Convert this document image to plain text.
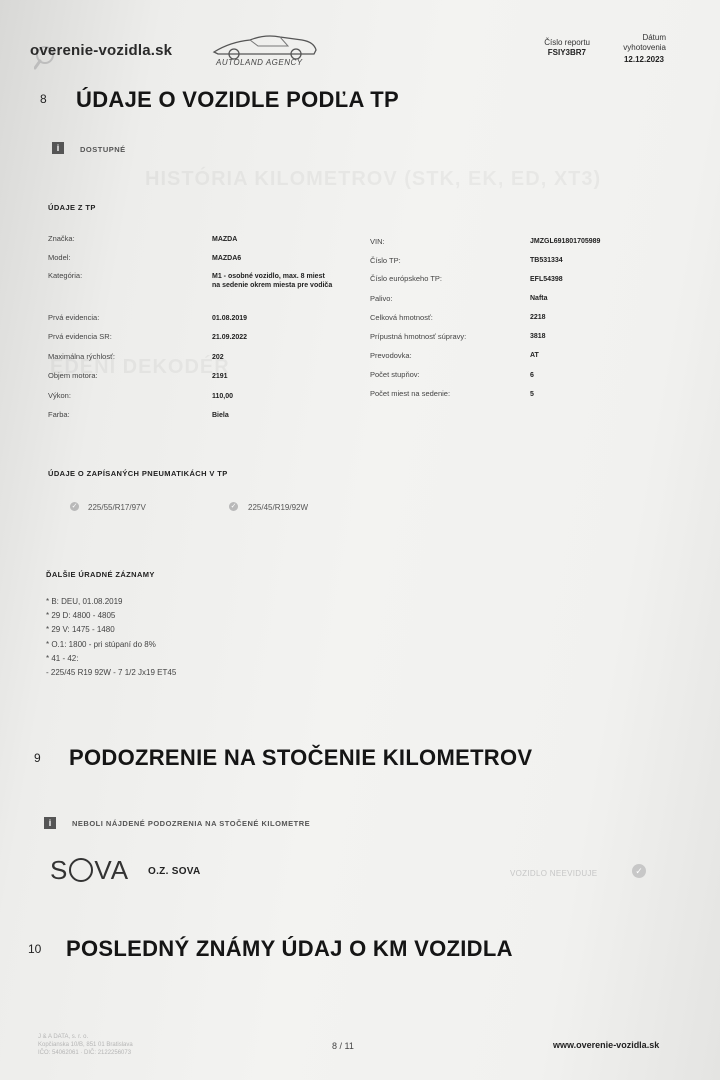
overenie-vozidla.sk
AUTOLAND AGENCY
Číslo reportu
FSIY3BR7
Dátum
vyhotovenia
12.12.2023
8 ÚDAJE O VOZIDLE PODĽA TP
i	DOSTUPNÉ
ÚDAJE Z TP
Značka:	MAZDA
Model:	MAZDA6
Kategória:	M1 - osobné vozidlo, max. 8 miest na sedenie okrem miesta pre vodiča
Prvá evidencia:	01.08.2019
Prvá evidencia SR:	21.09.2022
Maximálna rýchlosť:	202
Objem motora:	2191
Výkon:	110,00
Farba:	Biela
VIN:	JMZGL691801705989
Číslo TP:	TB531334
Číslo európskeho TP:	EFL54398
Palivo:	Nafta
Celková hmotnosť:	2218
Prípustná hmotnosť súpravy:	3818
Prevodovka:	AT
Počet stupňov:	6
Počet miest na sedenie:	5
ÚDAJE O ZAPÍSANÝCH PNEUMATIKÁCH V TP
✓ 225/55/R17/97V	✓ 225/45/R19/92W
ĎALŠIE ÚRADNÉ ZÁZNAMY
* B: DEU, 01.08.2019
* 29 D: 4800 - 4805
* 29 V: 1475 - 1480
* O.1: 1800 - pri stúpaní do 8%
* 41 - 42:
- 225/45 R19 92W - 7 1/2 Jx19 ET45
9 PODOZRENIE NA STOČENIE KILOMETROV
i	NEBOLI NÁJDENÉ PODOZRENIA NA STOČENÉ KILOMETRE
S VA O.Z. SOVA	VOZIDLO NEEVIDUJE	✓
10 POSLEDNÝ ZNÁMY ÚDAJ O KM VOZIDLA
J & A DATA, s. r. o.
Kopčianska 10/B, 851 01 Bratislava
IČO: 54062061 · DIČ: 2122256073
8 / 11	www.overenie-vozidla.sk
